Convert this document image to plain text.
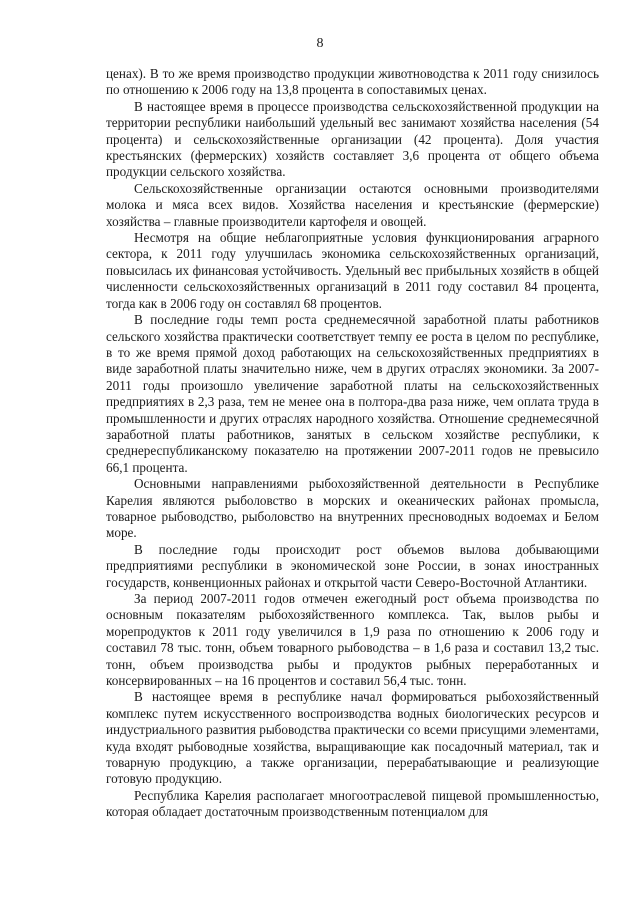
8

ценах). В то же время производство продукции животноводства к 2011 году снизилось по отношению к 2006 году на 13,8 процента в сопоставимых ценах.

В настоящее время в процессе производства сельскохозяйственной продукции на территории республики наибольший удельный вес занимают хозяйства населения (54 процента) и сельскохозяйственные организации (42 процента). Доля участия крестьянских (фермерских) хозяйств составляет 3,6 процента от общего объема продукции сельского хозяйства.

Сельскохозяйственные организации остаются основными производителями молока и мяса всех видов. Хозяйства населения и крестьянские (фермерские) хозяйства – главные производители картофеля и овощей.

Несмотря на общие неблагоприятные условия функционирования аграрного сектора, к 2011 году улучшилась экономика сельскохозяйственных организаций, повысилась их финансовая устойчивость. Удельный вес прибыльных хозяйств в общей численности сельскохозяйственных организаций в 2011 году составил 84 процента, тогда как в 2006 году он составлял 68 процентов.

В последние годы темп роста среднемесячной заработной платы работников сельского хозяйства практически соответствует темпу ее роста в целом по республике, в то же время прямой доход работающих на сельскохозяйственных предприятиях в виде заработной платы значительно ниже, чем в других отраслях экономики. За 2007-2011 годы произошло увеличение заработной платы на сельскохозяйственных предприятиях в 2,3 раза, тем не менее она в полтора-два раза ниже, чем оплата труда в промышленности и других отраслях народного хозяйства. Отношение среднемесячной заработной платы работников, занятых в сельском хозяйстве республики, к среднереспубликанскому показателю на протяжении 2007-2011 годов не превысило 66,1 процента.

Основными направлениями рыбохозяйственной деятельности в Республике Карелия являются рыболовство в морских и океанических районах промысла, товарное рыбоводство, рыболовство на внутренних пресноводных водоемах и Белом море.

В последние годы происходит рост объемов вылова добывающими предприятиями республики в экономической зоне России, в зонах иностранных государств, конвенционных районах и открытой части Северо-Восточной Атлантики.

За период 2007-2011 годов отмечен ежегодный рост объема производства по основным показателям рыбохозяйственного комплекса. Так, вылов рыбы и морепродуктов к 2011 году увеличился в 1,9 раза по отношению к 2006 году и составил 78 тыс. тонн, объем товарного рыбоводства – в 1,6 раза и составил 13,2 тыс. тонн, объем производства рыбы и продуктов рыбных переработанных и консервированных – на 16 процентов и составил 56,4 тыс. тонн.

В настоящее время в республике начал формироваться рыбохозяйственный комплекс путем искусственного воспроизводства водных биологических ресурсов и индустриального развития рыбоводства практически со всеми присущими элементами, куда входят рыбоводные хозяйства, выращивающие как посадочный материал, так и товарную продукцию, а также организации, перерабатывающие и реализующие готовую продукцию.

Республика Карелия располагает многоотраслевой пищевой промышленностью, которая обладает достаточным производственным потенциалом для
